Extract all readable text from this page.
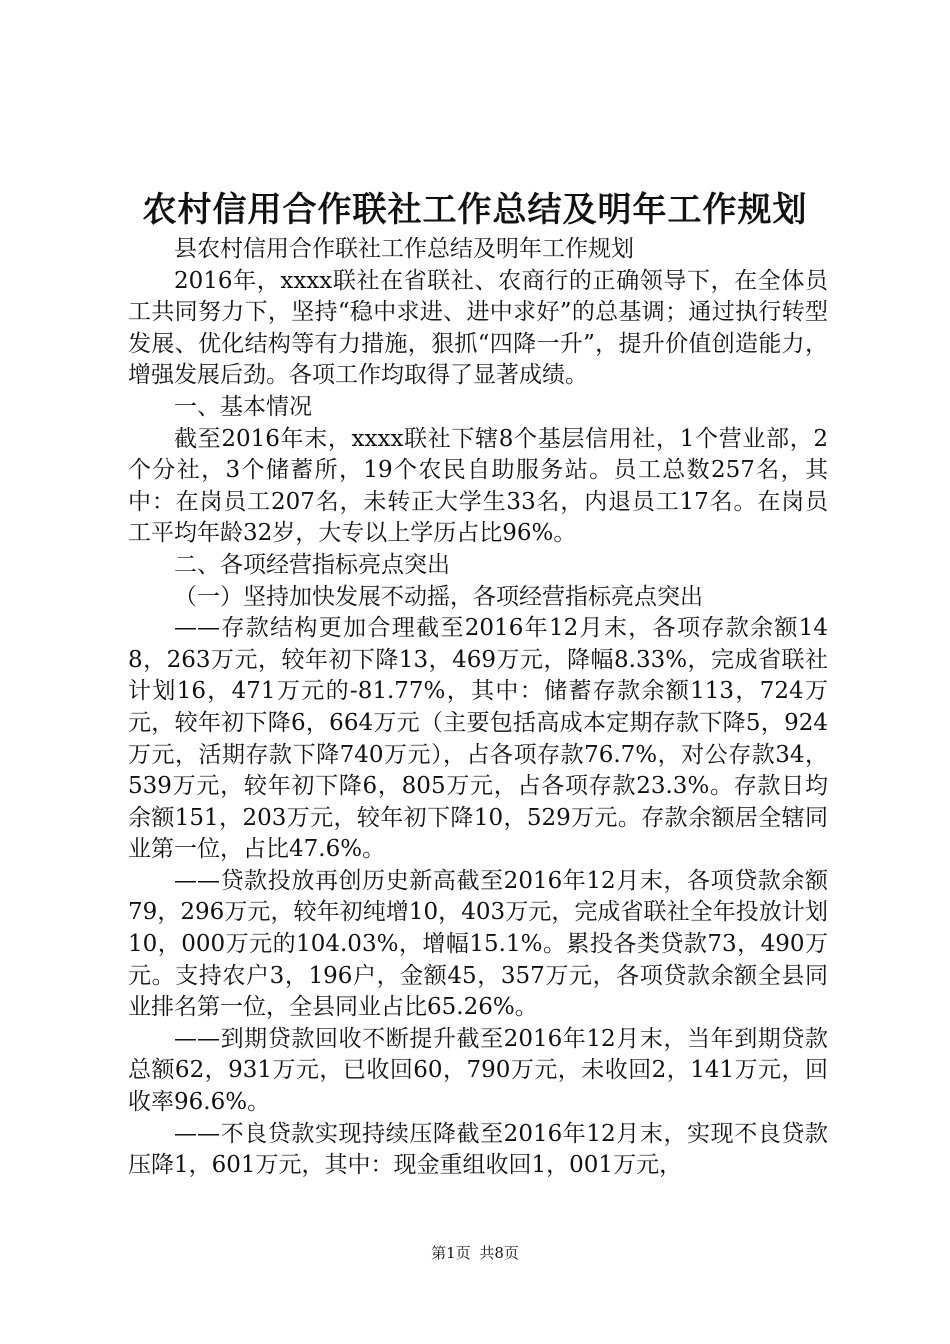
农村信用合作联社工作总结及明年工作规划

县农村信用合作联社工作总结及明年工作规划

2016年，xxxx联社在省联社、农商行的正确领导下，在全体员工共同努力下，坚持“稳中求进、进中求好”的总基调；通过执行转型发展、优化结构等有力措施，狠抓“四降一升”，提升价值创造能力，增强发展后劲。各项工作均取得了显著成绩。

一、基本情况

截至2016年末，xxxx联社下辖8个基层信用社，1个营业部，2个分社，3个储蓄所，19个农民自助服务站。员工总数257名，其中：在岗员工207名，未转正大学生33名，内退员工17名。在岗员工平均年龄32岁，大专以上学历占比96%。

二、各项经营指标亮点突出

（一）坚持加快发展不动摇，各项经营指标亮点突出

——存款结构更加合理截至2016年12月末，各项存款余额148，263万元，较年初下降13，469万元，降幅8.33%，完成省联社计划16，471万元的-81.77%，其中：储蓄存款余额113，724万元，较年初下降6，664万元（主要包括高成本定期存款下降5，924万元，活期存款下降740万元），占各项存款76.7%，对公存款34，539万元，较年初下降6，805万元，占各项存款23.3%。存款日均余额151，203万元，较年初下降10，529万元。存款余额居全辖同业第一位，占比47.6%。

——贷款投放再创历史新高截至2016年12月末，各项贷款余额79，296万元，较年初纯增10，403万元，完成省联社全年投放计划10，000万元的104.03%，增幅15.1%。累投各类贷款73，490万元。支持农户3，196户，金额45，357万元，各项贷款余额全县同业排名第一位，全县同业占比65.26%。

——到期贷款回收不断提升截至2016年12月末，当年到期贷款总额62，931万元，已收回60，790万元，未收回2，141万元，回收率96.6%。

——不良贷款实现持续压降截至2016年12月末，实现不良贷款压降1，601万元，其中：现金重组收回1，001万元，

第1页 共8页
